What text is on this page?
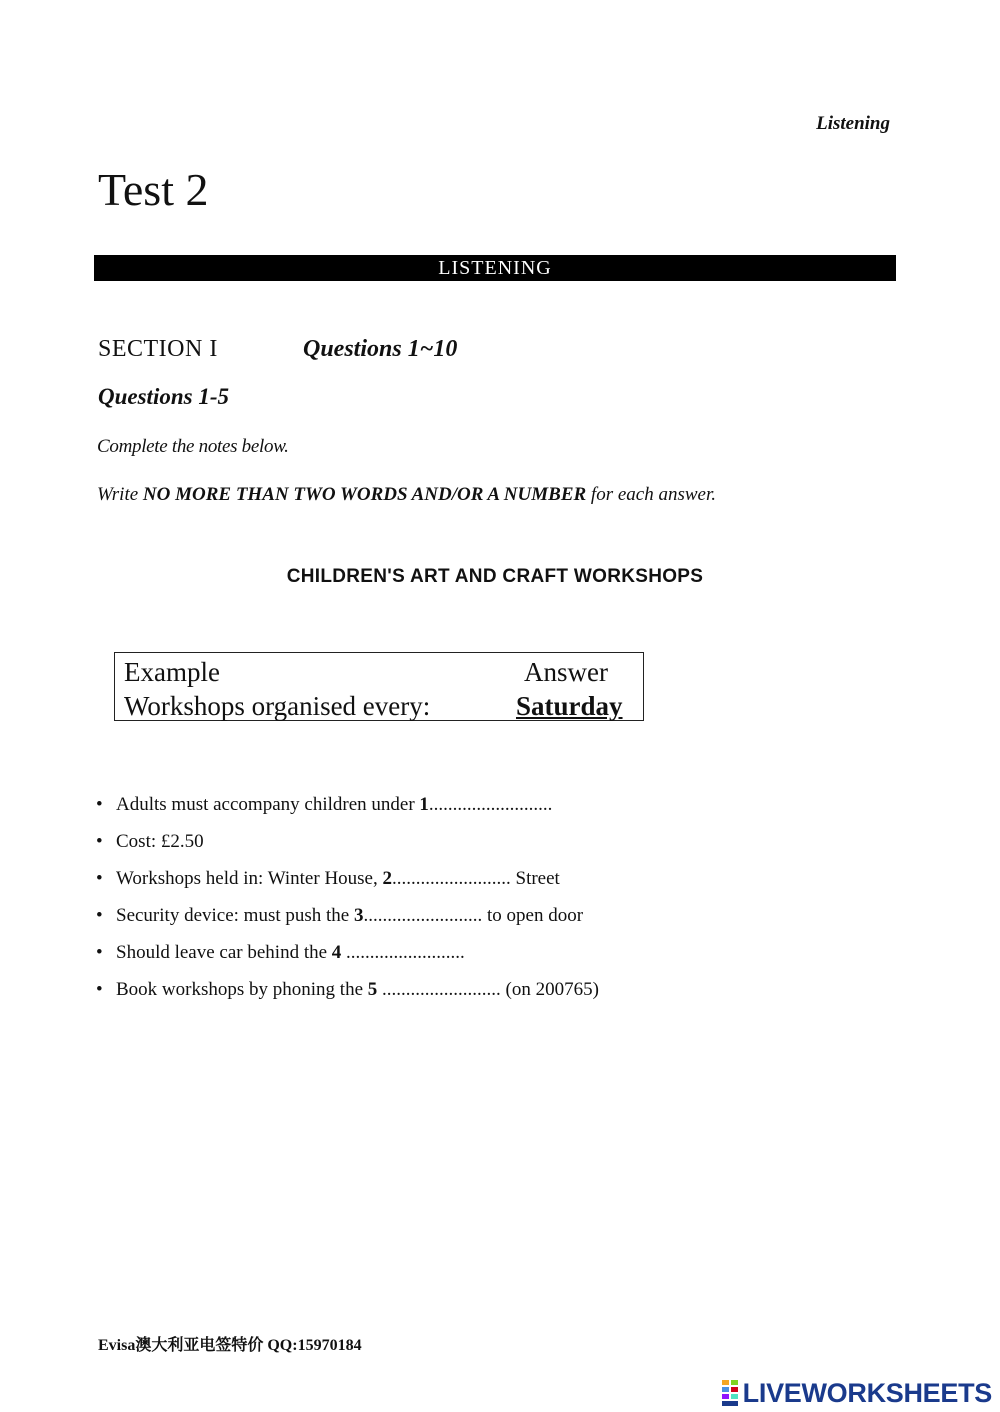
Listening
Test 2
LISTENING
SECTION I	Questions 1~10
Questions 1-5
Complete the notes below.
Write NO MORE THAN TWO WORDS AND/OR A NUMBER for each answer.
CHILDREN'S ART AND CRAFT WORKSHOPS
Example	Answer
Workshops organised every:	Saturday
• Adults must accompany children under 1..........................
• Cost: £2.50
• Workshops held in: Winter House, 2......................... Street
• Security device: must push the 3......................... to open door
• Should leave car behind the 4 .........................
• Book workshops by phoning the 5 ......................... (on 200765)
Evisa澳大利亚电签特价 QQ:15970184
LIVEWORKSHEETS
